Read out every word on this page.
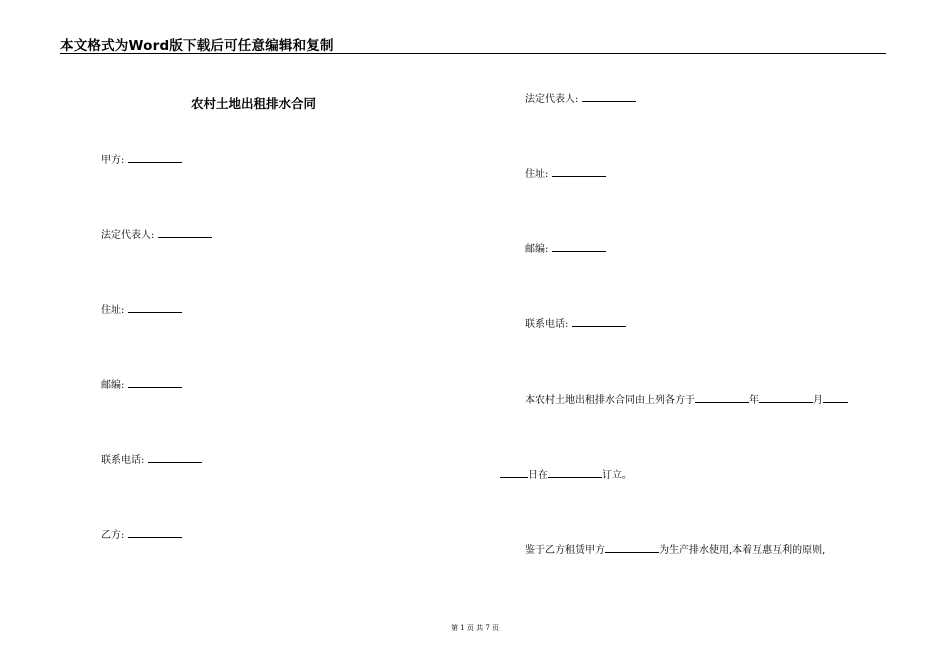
本文格式为Word版下载后可任意编辑和复制
农村土地出租排水合同
甲方:
法定代表人:
住址:
邮编:
联系电话:
乙方:
法定代表人:
住址:
邮编:
联系电话:
本农村土地出租排水合同由上列各方于	年	月
日在	订立。
鉴于乙方租赁甲方	为生产排水使用,本着互惠互利的原则,
第 1 页 共 7 页
